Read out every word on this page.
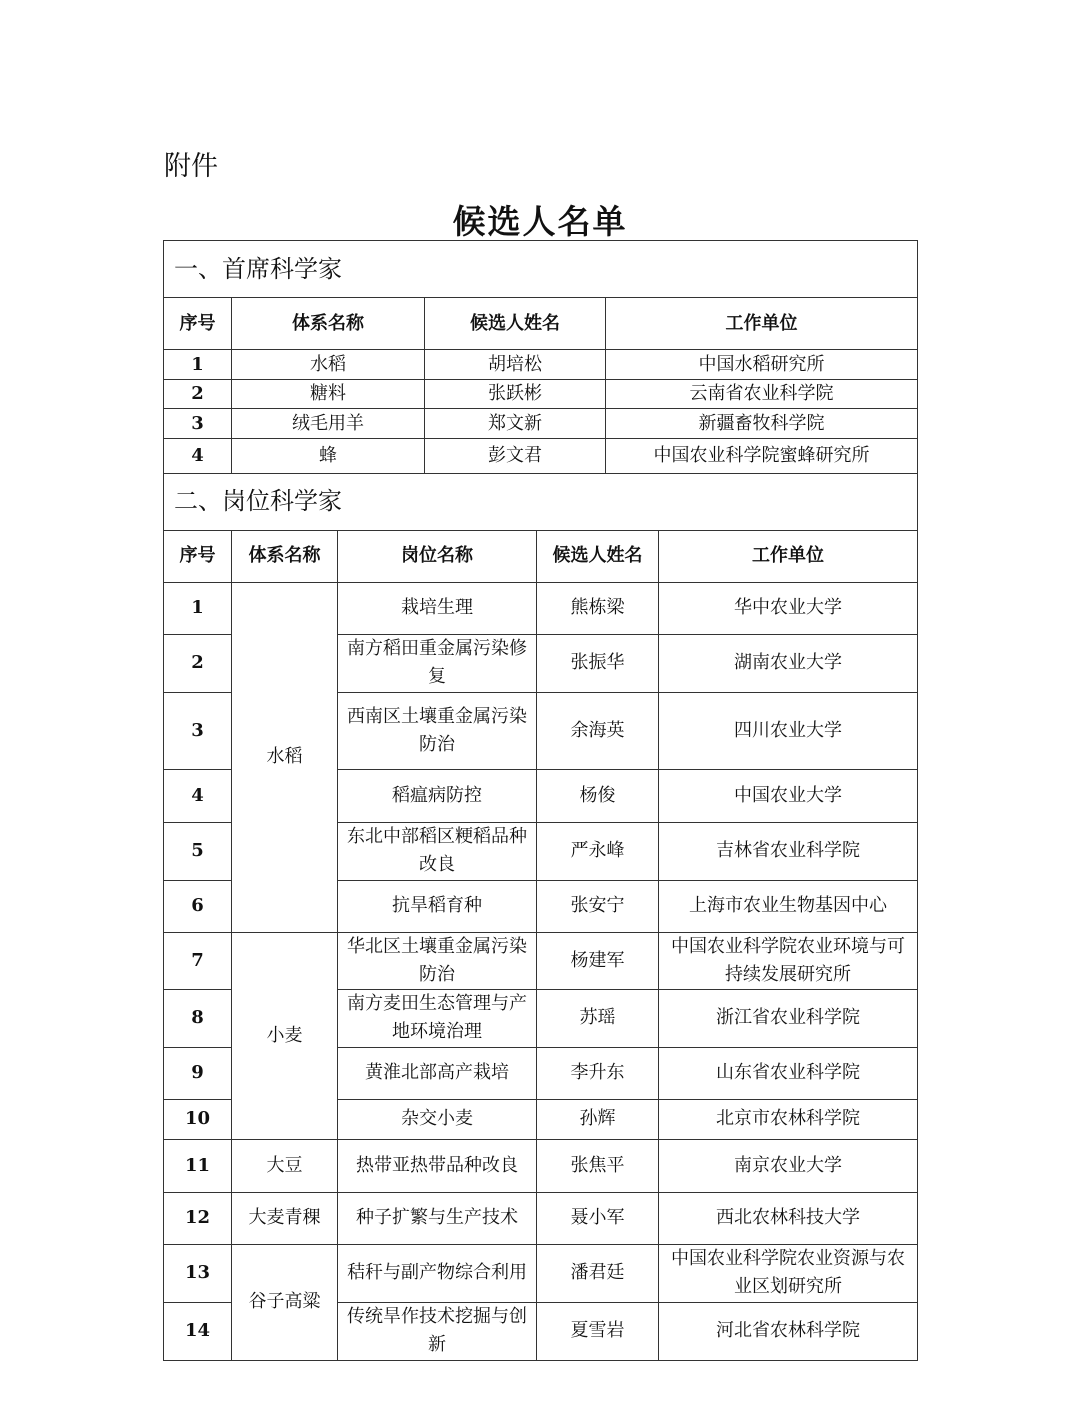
附件
候选人名单
一、首席科学家			
序号	体系名称	候选人姓名	工作单位
1	水稻	胡培松	中国水稻研究所
2	糖料	张跃彬	云南省农业科学院
3	绒毛用羊	郑文新	新疆畜牧科学院
4	蜂	彭文君	中国农业科学院蜜蜂研究所
二、岗位科学家				
序号	体系名称	岗位名称	候选人姓名	工作单位
1	水稻	栽培生理	熊栋梁	华中农业大学
2		南方稻田重金属污染修复	张振华	湖南农业大学
3		西南区土壤重金属污染防治	余海英	四川农业大学
4		稻瘟病防控	杨俊	中国农业大学
5		东北中部稻区粳稻品种改良	严永峰	吉林省农业科学院
6		抗旱稻育种	张安宁	上海市农业生物基因中心
7	小麦	华北区土壤重金属污染防治	杨建军	中国农业科学院农业环境与可持续发展研究所
8		南方麦田生态管理与产地环境治理	苏瑶	浙江省农业科学院
9		黄淮北部高产栽培	李升东	山东省农业科学院
10		杂交小麦	孙辉	北京市农林科学院
11	大豆	热带亚热带品种改良	张焦平	南京农业大学
12	大麦青稞	种子扩繁与生产技术	聂小军	西北农林科技大学
13	谷子高粱	秸秆与副产物综合利用	潘君廷	中国农业科学院农业资源与农业区划研究所
14		传统旱作技术挖掘与创新	夏雪岩	河北省农林科学院
